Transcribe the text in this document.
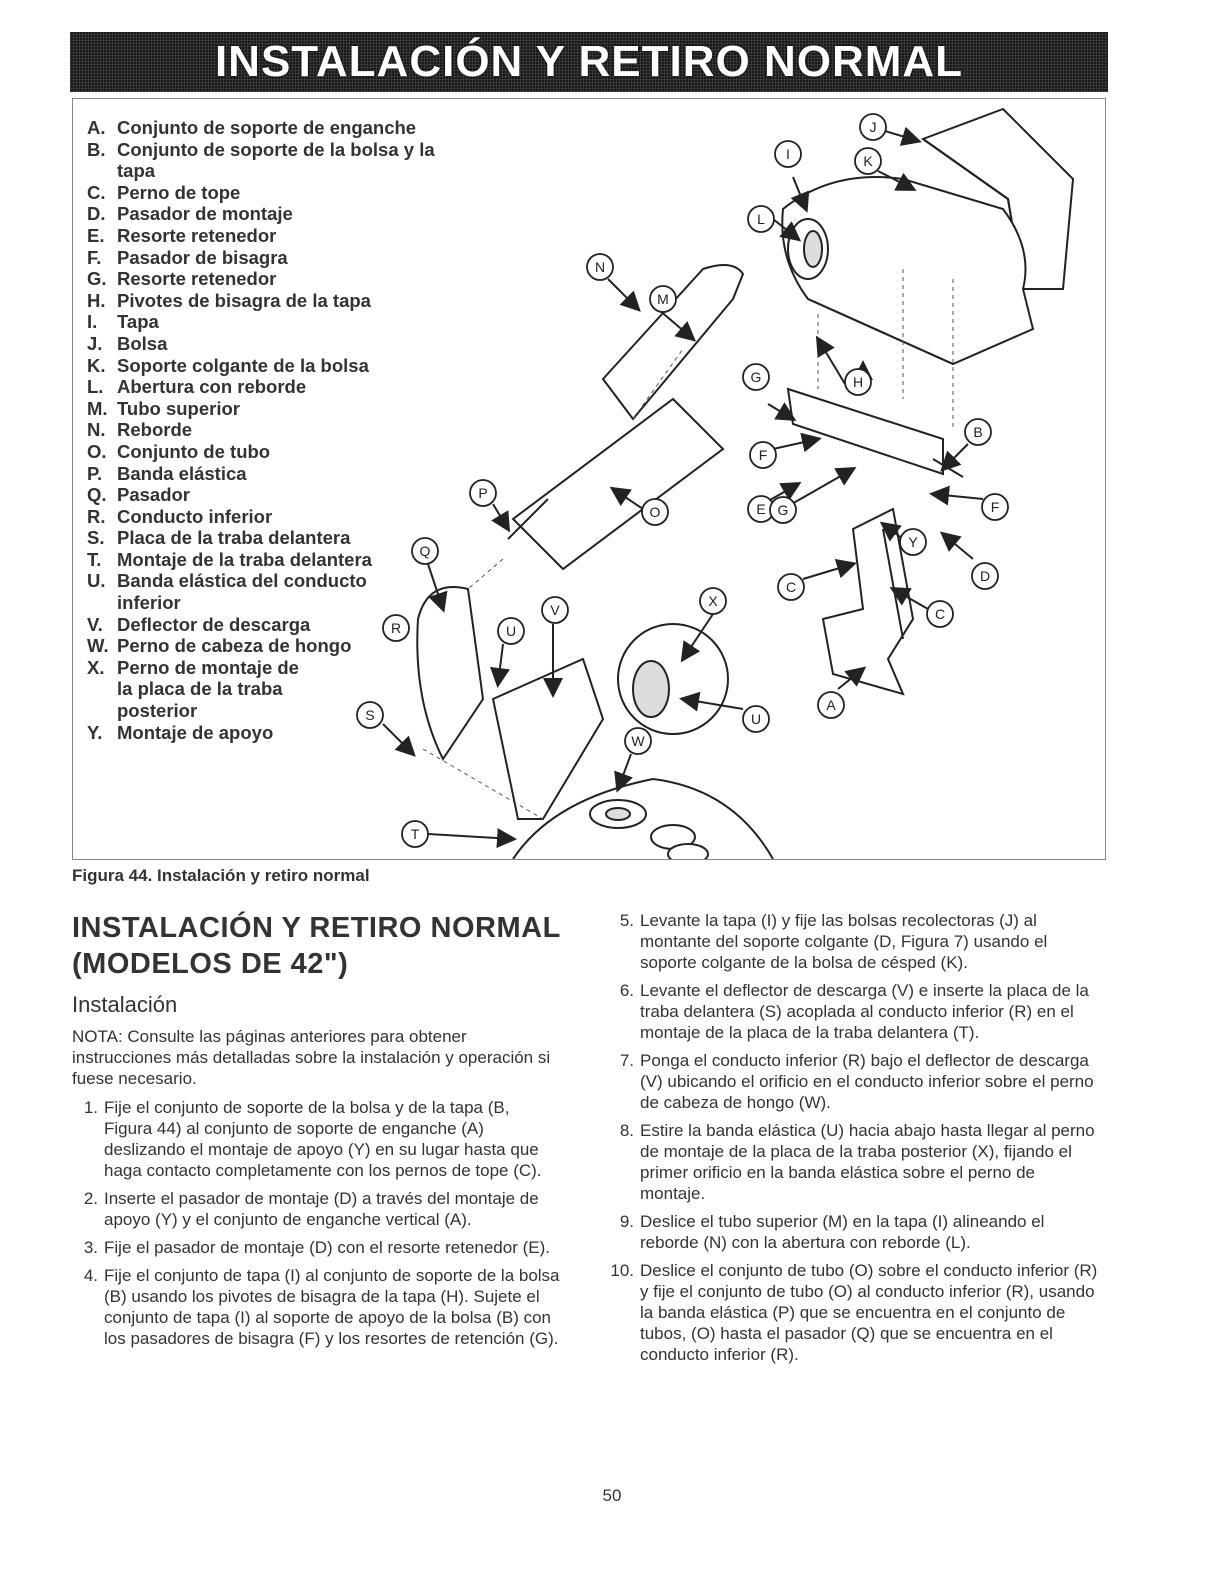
INSTALACIÓN Y RETIRO NORMAL
J
I	K
L
M
N
G	H
B
F
F
E G
P
O
Q
Y
D
C
C
X
V
U
R
U
A
W
S
T
A. Conjunto de soporte de enganche
B. Conjunto de soporte de la bolsa y la tapa
C. Perno de tope
D. Pasador de montaje
E. Resorte retenedor
F. Pasador de bisagra
G. Resorte retenedor
H. Pivotes de bisagra de la tapa
I.	Tapa
J. Bolsa
K. Soporte colgante de la bolsa
L. Abertura con reborde
M. Tubo superior
N. Reborde
O. Conjunto de tubo
P. Banda elástica
Q. Pasador
R. Conducto inferior
S. Placa de la traba delantera
T. Montaje de la traba delantera
U. Banda elástica del conducto inferior
V. Deflector de descarga
W. Perno de cabeza de hongo
X. Perno de montaje de la placa de la traba posterior
Y. Montaje de apoyo
Figura 44. Instalación y retiro normal
INSTALACIÓN Y RETIRO NORMAL (MODELOS DE 42")
Instalación
NOTA: Consulte las páginas anteriores para obtener instrucciones más detalladas sobre la instalación y operación si fuese necesario.
1. Fije el conjunto de soporte de la bolsa y de la tapa (B, Figura 44) al conjunto de soporte de enganche (A) deslizando el montaje de apoyo (Y) en su lugar hasta que haga contacto completamente con los pernos de tope (C).
2. Inserte el pasador de montaje (D) a través del montaje de apoyo (Y) y el conjunto de enganche vertical (A).
3. Fije el pasador de montaje (D) con el resorte retenedor (E).
4. Fije el conjunto de tapa (I) al conjunto de soporte de la bolsa (B) usando los pivotes de bisagra de la tapa (H). Sujete el conjunto de tapa (I) al soporte de apoyo de la bolsa (B) con los pasadores de bisagra (F) y los resortes de retención (G).
5. Levante la tapa (I) y fije las bolsas recolectoras (J) al montante del soporte colgante (D, Figura 7) usando el soporte colgante de la bolsa de césped (K).
6. Levante el deflector de descarga (V) e inserte la placa de la traba delantera (S) acoplada al conducto inferior (R) en el montaje de la placa de la traba delantera (T).
7. Ponga el conducto inferior (R) bajo el deflector de descarga (V) ubicando el orificio en el conducto inferior sobre el perno de cabeza de hongo (W).
8. Estire la banda elástica (U) hacia abajo hasta llegar al perno de montaje de la placa de la traba posterior (X), fijando el primer orificio en la banda elástica sobre el perno de montaje.
9. Deslice el tubo superior (M) en la tapa (I) alineando el reborde (N) con la abertura con reborde (L).
10. Deslice el conjunto de tubo (O) sobre el conducto inferior (R) y fije el conjunto de tubo (O) al conducto inferior (R), usando la banda elástica (P) que se encuentra en el conjunto de tubos, (O) hasta el pasador (Q) que se encuentra en el conducto inferior (R).
50
